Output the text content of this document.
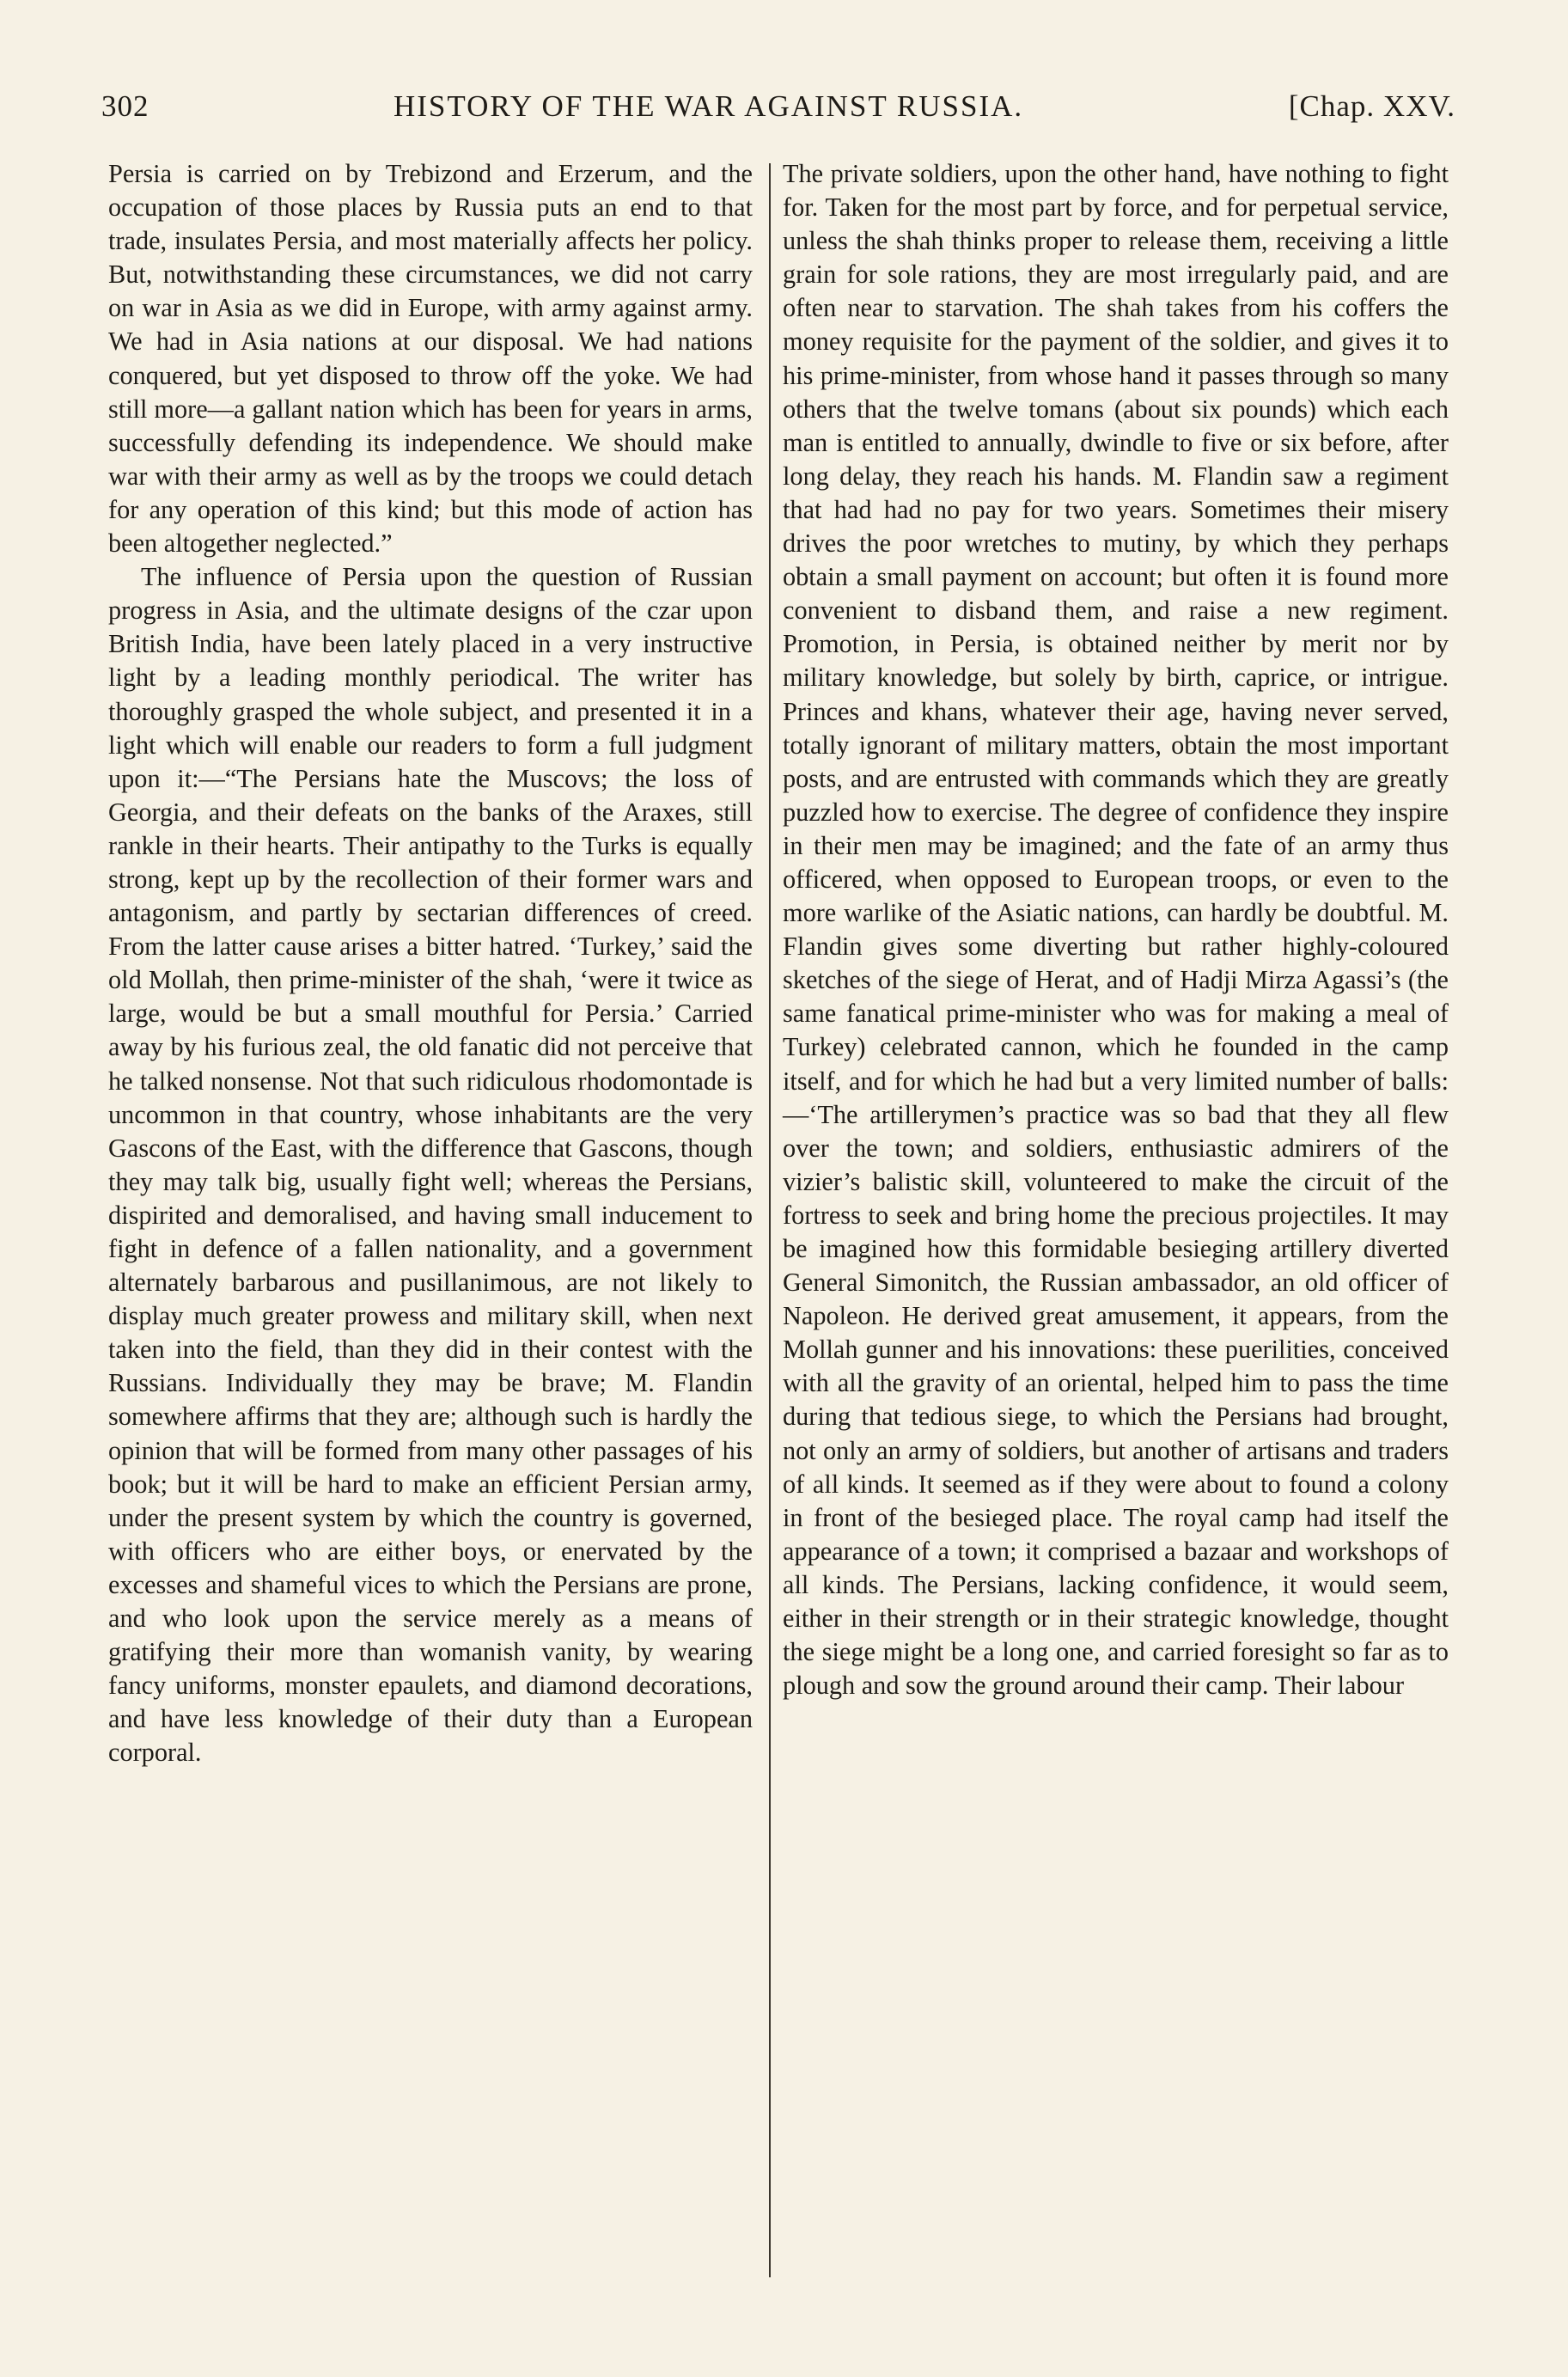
302	HISTORY OF THE WAR AGAINST RUSSIA.	[Chap. XXV.

Persia is carried on by Trebizond and Erzerum, and the occupation of those places by Russia puts an end to that trade, insulates Persia, and most materially affects her policy. But, notwithstanding these circumstances, we did not carry on war in Asia as we did in Europe, with army against army. We had in Asia nations at our disposal. We had nations conquered, but yet disposed to throw off the yoke. We had still more—a gallant nation which has been for years in arms, successfully defending its independence. We should make war with their army as well as by the troops we could detach for any operation of this kind; but this mode of action has been altogether neglected.”

The influence of Persia upon the question of Russian progress in Asia, and the ultimate designs of the czar upon British India, have been lately placed in a very instructive light by a leading monthly periodical. The writer has thoroughly grasped the whole subject, and presented it in a light which will enable our readers to form a full judgment upon it:—“The Persians hate the Muscovs; the loss of Georgia, and their defeats on the banks of the Araxes, still rankle in their hearts. Their antipathy to the Turks is equally strong, kept up by the recollection of their former wars and antagonism, and partly by sectarian differences of creed. From the latter cause arises a bitter hatred. ‘Turkey,’ said the old Mollah, then prime-minister of the shah, ‘were it twice as large, would be but a small mouthful for Persia.’ Carried away by his furious zeal, the old fanatic did not perceive that he talked nonsense. Not that such ridiculous rhodomontade is uncommon in that country, whose inhabitants are the very Gascons of the East, with the difference that Gascons, though they may talk big, usually fight well; whereas the Persians, dispirited and demoralised, and having small inducement to fight in defence of a fallen nationality, and a government alternately barbarous and pusillanimous, are not likely to display much greater prowess and military skill, when next taken into the field, than they did in their contest with the Russians. Individually they may be brave; M. Flandin somewhere affirms that they are; although such is hardly the opinion that will be formed from many other passages of his book; but it will be hard to make an efficient Persian army, under the present system by which the country is governed, with officers who are either boys, or enervated by the excesses and shameful vices to which the Persians are prone, and who look upon the service merely as a means of gratifying their more than womanish vanity, by wearing fancy uniforms, monster epaulets, and diamond decorations, and have less knowledge of their duty than a European corporal.

The private soldiers, upon the other hand, have nothing to fight for. Taken for the most part by force, and for perpetual service, unless the shah thinks proper to release them, receiving a little grain for sole rations, they are most irregularly paid, and are often near to starvation. The shah takes from his coffers the money requisite for the payment of the soldier, and gives it to his prime-minister, from whose hand it passes through so many others that the twelve tomans (about six pounds) which each man is entitled to annually, dwindle to five or six before, after long delay, they reach his hands. M. Flandin saw a regiment that had had no pay for two years. Sometimes their misery drives the poor wretches to mutiny, by which they perhaps obtain a small payment on account; but often it is found more convenient to disband them, and raise a new regiment. Promotion, in Persia, is obtained neither by merit nor by military knowledge, but solely by birth, caprice, or intrigue. Princes and khans, whatever their age, having never served, totally ignorant of military matters, obtain the most important posts, and are entrusted with commands which they are greatly puzzled how to exercise. The degree of confidence they inspire in their men may be imagined; and the fate of an army thus officered, when opposed to European troops, or even to the more warlike of the Asiatic nations, can hardly be doubtful. M. Flandin gives some diverting but rather highly-coloured sketches of the siege of Herat, and of Hadji Mirza Agassi’s (the same fanatical prime-minister who was for making a meal of Turkey) celebrated cannon, which he founded in the camp itself, and for which he had but a very limited number of balls:—‘The artillerymen’s practice was so bad that they all flew over the town; and soldiers, enthusiastic admirers of the vizier’s balistic skill, volunteered to make the circuit of the fortress to seek and bring home the precious projectiles. It may be imagined how this formidable besieging artillery diverted General Simonitch, the Russian ambassador, an old officer of Napoleon. He derived great amusement, it appears, from the Mollah gunner and his innovations: these puerilities, conceived with all the gravity of an oriental, helped him to pass the time during that tedious siege, to which the Persians had brought, not only an army of soldiers, but another of artisans and traders of all kinds. It seemed as if they were about to found a colony in front of the besieged place. The royal camp had itself the appearance of a town; it comprised a bazaar and workshops of all kinds. The Persians, lacking confidence, it would seem, either in their strength or in their strategic knowledge, thought the siege might be a long one, and carried foresight so far as to plough and sow the ground around their camp. Their labour
